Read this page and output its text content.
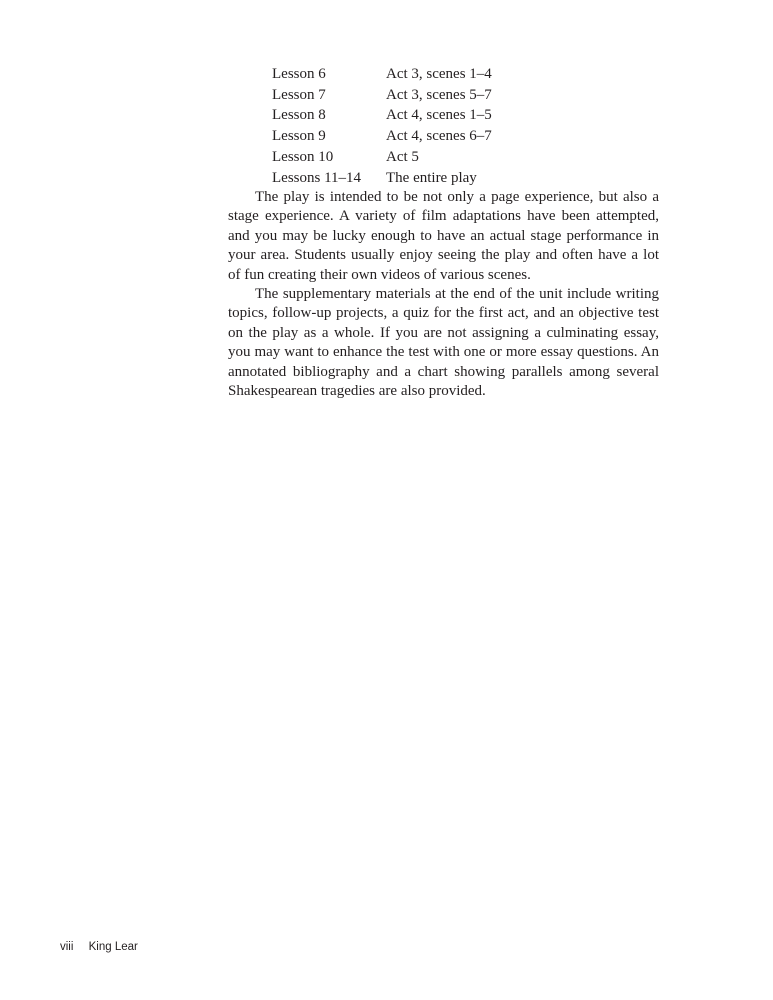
Lesson 6	Act 3, scenes 1–4
Lesson 7	Act 3, scenes 5–7
Lesson 8	Act 4, scenes 1–5
Lesson 9	Act 4, scenes 6–7
Lesson 10	Act 5
Lessons 11–14	The entire play

The play is intended to be not only a page experience, but also a stage experience. A variety of film adaptations have been attempted, and you may be lucky enough to have an actual stage performance in your area. Students usually enjoy seeing the play and often have a lot of fun creating their own videos of various scenes.

The supplementary materials at the end of the unit include writing topics, follow-up projects, a quiz for the first act, and an objective test on the play as a whole. If you are not assigning a culminating essay, you may want to enhance the test with one or more essay questions. An annotated bibliography and a chart showing parallels among several Shakespearean tragedies are also provided.

viii King Lear
